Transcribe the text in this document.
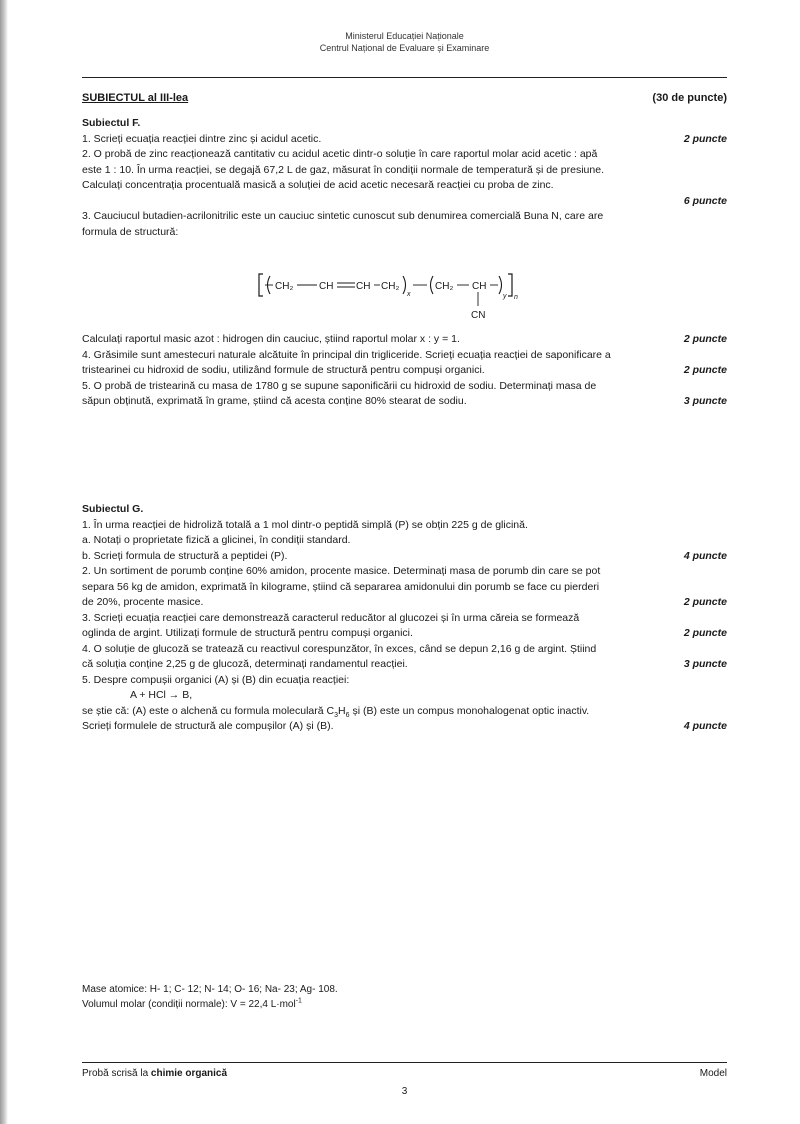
Ministerul Educației Naționale
Centrul Național de Evaluare și Examinare
SUBIECTUL al III-lea	(30 de puncte)
Subiectul F.
1. Scrieți ecuația reacției dintre zinc și acidul acetic.	2 puncte
2. O probă de zinc reacționează cantitativ cu acidul acetic dintr-o soluție în care raportul molar acid acetic : apă
este 1 : 10. În urma reacției, se degajă 67,2 L de gaz, măsurat în condiții normale de temperatură și de presiune.
Calculați concentrația procentuală masică a soluției de acid acetic necesară reacției cu proba de zinc.
6 puncte
3. Cauciucul butadien-acrilonitrilic este un cauciuc sintetic cunoscut sub denumirea comercială Buna N, care are
formula de structură:
CH₂	CH CH CH₂
x
CH₂ CH
y n
CN
Calculați raportul masic azot : hidrogen din cauciuc, știind raportul molar x : y = 1.	2 puncte
4. Grăsimile sunt amestecuri naturale alcătuite în principal din trigliceride. Scrieți ecuația reacției de saponificare a
tristearinei cu hidroxid de sodiu, utilizând formule de structură pentru compuși organici.	2 puncte
5. O probă de tristearină cu masa de 1780 g se supune saponificării cu hidroxid de sodiu. Determinați masa de
săpun obținută, exprimată în grame, știind că acesta conține 80% stearat de sodiu.	3 puncte
Subiectul G.
1. În urma reacției de hidroliză totală a 1 mol dintr-o peptidă simplă (P) se obțin 225 g de glicină.
a. Notați o proprietate fizică a glicinei, în condiții standard.
b. Scrieți formula de structură a peptidei (P).	4 puncte
2. Un sortiment de porumb conține 60% amidon, procente masice. Determinați masa de porumb din care se pot
separa 56 kg de amidon, exprimată în kilograme, știind că separarea amidonului din porumb se face cu pierderi
de 20%, procente masice.	2 puncte
3. Scrieți ecuația reacției care demonstrează caracterul reducător al glucozei și în urma căreia se formează
oglinda de argint. Utilizați formule de structură pentru compuși organici.	2 puncte
4. O soluție de glucoză se tratează cu reactivul corespunzător, în exces, când se depun 2,16 g de argint. Știind
că soluția conține 2,25 g de glucoză, determinați randamentul reacției.	3 puncte
5. Despre compușii organici (A) și (B) din ecuația reacției:
A + HCl → B,
se știe că: (A) este o alchenă cu formula moleculară $C_3H_6$ și (B) este un compus monohalogenat optic inactiv.
Scrieți formulele de structură ale compușilor (A) și (B).	4 puncte
Mase atomice: H- 1; C- 12; N- 14; O- 16; Na- 23; Ag- 108.
Volumul molar (condiții normale): V = 22,4 L·mol$^{-1}$
Probă scrisă la chimie organică	Model
3
